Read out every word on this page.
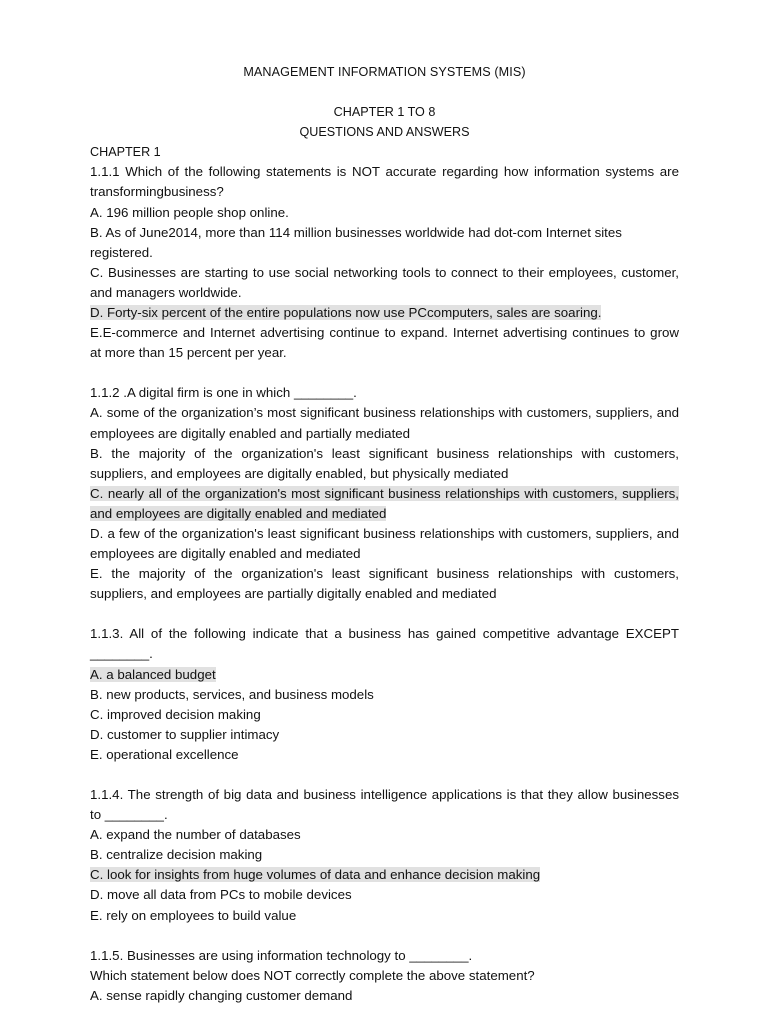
MANAGEMENT INFORMATION SYSTEMS (MIS)

CHAPTER 1 TO 8

QUESTIONS AND ANSWERS

CHAPTER 1

1.1.1 Which of the following statements is NOT accurate regarding how information systems are transformingbusiness?

A. 196 million people shop online.

B. As of June2014, more than 114 million businesses worldwide had dot-com Internet sites registered.

C. Businesses are starting to use social networking tools to connect to their employees, customer, and managers worldwide.

D. Forty-six percent of the entire populations now use PCcomputers, sales are soaring.

E.E-commerce and Internet advertising continue to expand. Internet advertising continues to grow at more than 15 percent per year.

1.1.2 .A digital firm is one in which ________.

A. some of the organization’s most significant business relationships with customers, suppliers, and employees are digitally enabled and partially mediated

B. the majority of the organization's least significant business relationships with customers, suppliers, and employees are digitally enabled, but physically mediated

C. nearly all of the organization's most significant business relationships with customers, suppliers, and employees are digitally enabled and mediated

D. a few of the organization's least significant business relationships with customers, suppliers, and employees are digitally enabled and mediated

E. the majority of the organization's least significant business relationships with customers, suppliers, and employees are partially digitally enabled and mediated

1.1.3. All of the following indicate that a business has gained competitive advantage EXCEPT ________.

A. a balanced budget

B. new products, services, and business models

C. improved decision making

D. customer to supplier intimacy

E. operational excellence

1.1.4. The strength of big data and business intelligence applications is that they allow businesses to ________.

A. expand the number of databases

B. centralize decision making

C. look for insights from huge volumes of data and enhance decision making

D. move all data from PCs to mobile devices

E. rely on employees to build value

1.1.5. Businesses are using information technology to ________.

Which statement below does NOT correctly complete the above statement?

A. sense rapidly changing customer demand
